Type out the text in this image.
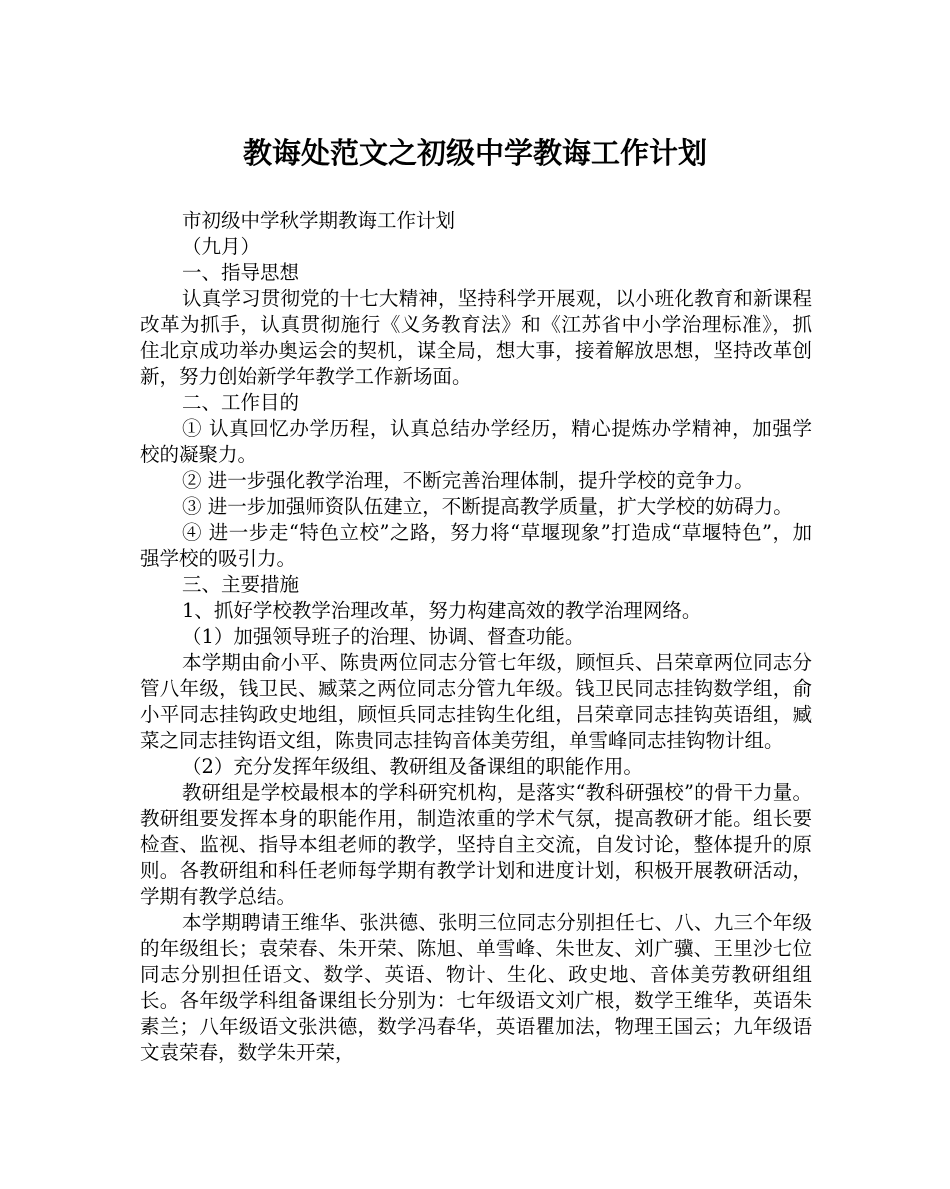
教诲处范文之初级中学教诲工作计划

市初级中学秋学期教诲工作计划

（九月）

一、指导思想

认真学习贯彻党的十七大精神，坚持科学开展观，以小班化教育和新课程改革为抓手，认真贯彻施行《义务教育法》和《江苏省中小学治理标准》，抓住北京成功举办奥运会的契机，谋全局，想大事，接着解放思想，坚持改革创新，努力创始新学年教学工作新场面。

二、工作目的

① 认真回忆办学历程，认真总结办学经历，精心提炼办学精神，加强学校的凝聚力。

② 进一步强化教学治理，不断完善治理体制，提升学校的竞争力。

③ 进一步加强师资队伍建立，不断提高教学质量，扩大学校的妨碍力。

④ 进一步走“特色立校”之路，努力将“草堰现象”打造成“草堰特色”，加强学校的吸引力。

三、主要措施

1、抓好学校教学治理改革，努力构建高效的教学治理网络。

（1）加强领导班子的治理、协调、督查功能。

本学期由俞小平、陈贵两位同志分管七年级，顾恒兵、吕荣章两位同志分管八年级，钱卫民、臧菜之两位同志分管九年级。钱卫民同志挂钩数学组，俞小平同志挂钩政史地组，顾恒兵同志挂钩生化组，吕荣章同志挂钩英语组，臧菜之同志挂钩语文组，陈贵同志挂钩音体美劳组，单雪峰同志挂钩物计组。

（2）充分发挥年级组、教研组及备课组的职能作用。

教研组是学校最根本的学科研究机构，是落实“教科研强校”的骨干力量。教研组要发挥本身的职能作用，制造浓重的学术气氛，提高教研才能。组长要检查、监视、指导本组老师的教学，坚持自主交流，自发讨论，整体提升的原则。各教研组和科任老师每学期有教学计划和进度计划，积极开展教研活动，学期有教学总结。

本学期聘请王维华、张洪德、张明三位同志分别担任七、八、九三个年级的年级组长；袁荣春、朱开荣、陈旭、单雪峰、朱世友、刘广骥、王里沙七位同志分别担任语文、数学、英语、物计、生化、政史地、音体美劳教研组组长。各年级学科组备课组长分别为：七年级语文刘广根，数学王维华，英语朱素兰；八年级语文张洪德，数学冯春华，英语瞿加法，物理王国云；九年级语文袁荣春，数学朱开荣，
